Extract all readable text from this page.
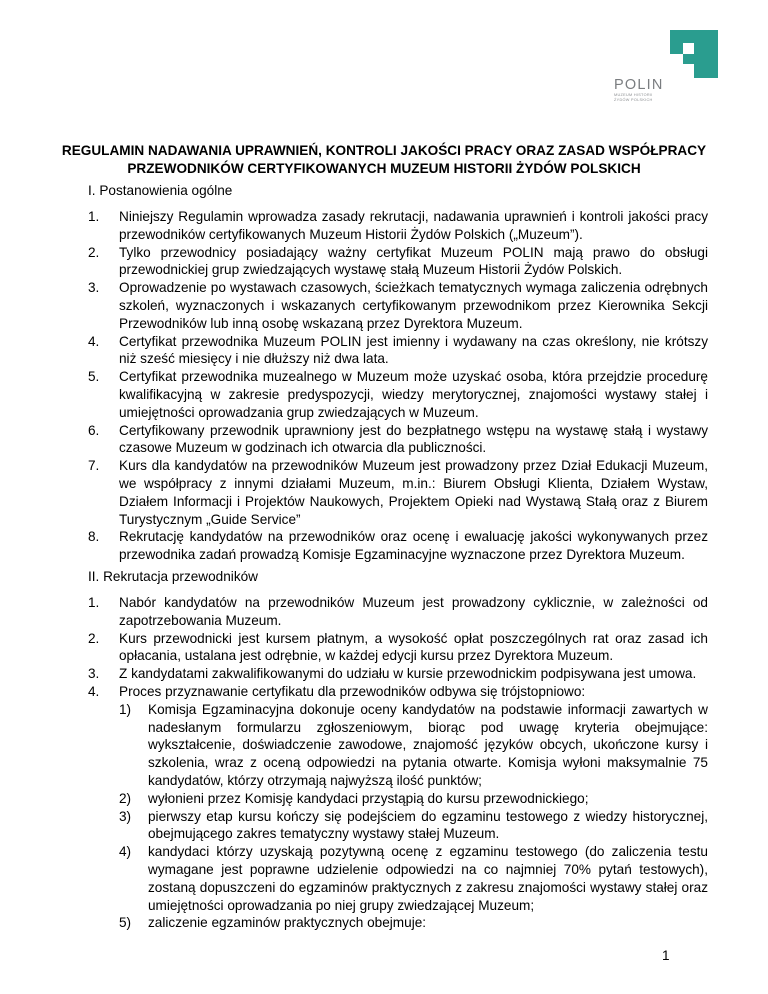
POLIN
MUZEUM HISTORII
ŻYDÓW POLSKICH
REGULAMIN NADAWANIA UPRAWNIEŃ, KONTROLI JAKOŚCI PRACY ORAZ ZASAD WSPÓŁPRACY PRZEWODNIKÓW CERTYFIKOWANYCH MUZEUM HISTORII ŻYDÓW POLSKICH
I. Postanowienia ogólne
1. Niniejszy Regulamin wprowadza zasady rekrutacji, nadawania uprawnień i kontroli jakości pracy przewodników certyfikowanych Muzeum Historii Żydów Polskich („Muzeum”).
2. Tylko przewodnicy posiadający ważny certyfikat Muzeum POLIN mają prawo do obsługi przewodnickiej grup zwiedzających wystawę stałą Muzeum Historii Żydów Polskich.
3. Oprowadzenie po wystawach czasowych, ścieżkach tematycznych wymaga zaliczenia odrębnych szkoleń, wyznaczonych i wskazanych certyfikowanym przewodnikom przez Kierownika Sekcji Przewodników lub inną osobę wskazaną przez Dyrektora Muzeum.
4. Certyfikat przewodnika Muzeum POLIN jest imienny i wydawany na czas określony, nie krótszy niż sześć miesięcy i nie dłuższy niż dwa lata.
5. Certyfikat przewodnika muzealnego w Muzeum może uzyskać osoba, która przejdzie procedurę kwalifikacyjną w zakresie predyspozycji, wiedzy merytorycznej, znajomości wystawy stałej i umiejętności oprowadzania grup zwiedzających w Muzeum.
6. Certyfikowany przewodnik uprawniony jest do bezpłatnego wstępu na wystawę stałą i wystawy czasowe Muzeum w godzinach ich otwarcia dla publiczności.
7. Kurs dla kandydatów na przewodników Muzeum jest prowadzony przez Dział Edukacji Muzeum, we współpracy z innymi działami Muzeum, m.in.: Biurem Obsługi Klienta, Działem Wystaw, Działem Informacji i Projektów Naukowych, Projektem Opieki nad Wystawą Stałą oraz z Biurem Turystycznym „Guide Service”
8. Rekrutację kandydatów na przewodników oraz ocenę i ewaluację jakości wykonywanych przez przewodnika zadań prowadzą Komisje Egzaminacyjne wyznaczone przez Dyrektora Muzeum.
II. Rekrutacja przewodników
1. Nabór kandydatów na przewodników Muzeum jest prowadzony cyklicznie, w zależności od zapotrzebowania Muzeum.
2. Kurs przewodnicki jest kursem płatnym, a wysokość opłat poszczególnych rat oraz zasad ich opłacania, ustalana jest odrębnie, w każdej edycji kursu przez Dyrektora Muzeum.
3. Z kandydatami zakwalifikowanymi do udziału w kursie przewodnickim podpisywana jest umowa.
4. Proces przyznawanie certyfikatu dla przewodników odbywa się trójstopniowo:
1) Komisja Egzaminacyjna dokonuje oceny kandydatów na podstawie informacji zawartych w nadesłanym formularzu zgłoszeniowym, biorąc pod uwagę kryteria obejmujące: wykształcenie, doświadczenie zawodowe, znajomość języków obcych, ukończone kursy i szkolenia, wraz z oceną odpowiedzi na pytania otwarte. Komisja wyłoni maksymalnie 75 kandydatów, którzy otrzymają najwyższą ilość punktów;
2) wyłonieni przez Komisję kandydaci przystąpią do kursu przewodnickiego;
3) pierwszy etap kursu kończy się podejściem do egzaminu testowego z wiedzy historycznej, obejmującego zakres tematyczny wystawy stałej Muzeum.
4) kandydaci którzy uzyskają pozytywną ocenę z egzaminu testowego (do zaliczenia testu wymagane jest poprawne udzielenie odpowiedzi na co najmniej 70% pytań testowych), zostaną dopuszczeni do egzaminów praktycznych z zakresu znajomości wystawy stałej oraz umiejętności oprowadzania po niej grupy zwiedzającej Muzeum;
5) zaliczenie egzaminów praktycznych obejmuje:
1
